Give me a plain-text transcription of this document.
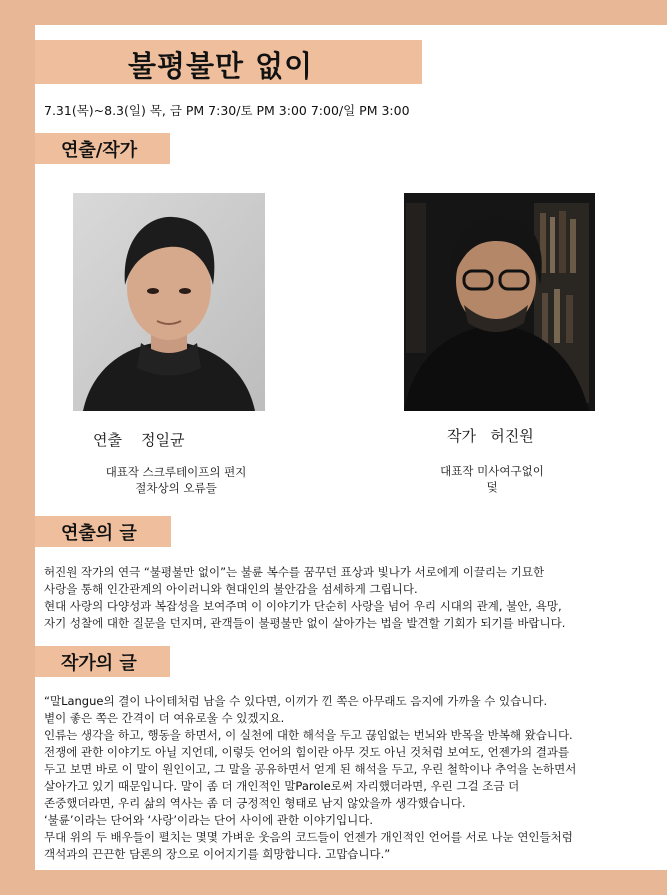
불평불만 없이

7.31(목)~8.3(일) 목, 금 PM 7:30/토 PM 3:00 7:00/일 PM 3:00

연출/작가

연출    정일균	작가   허진원

대표작 스크루테이프의 편지
절차상의 오류들
대표작 미사여구없이
덫
연출의 글
허진원 작가의 연극 “불평불만 없이”는 불륜 복수를 꿈꾸던 표상과 빛나가 서로에게 이끌리는 기묘한
사랑을 통해 인간관계의 아이러니와 현대인의 불안감을 섬세하게 그립니다.
현대 사랑의 다양성과 복잡성을 보여주며 이 이야기가 단순히 사랑을 넘어 우리 시대의 관계, 불안, 욕망,
자기 성찰에 대한 질문을 던지며, 관객들이 불평불만 없이 살아가는 법을 발견할 기회가 되기를 바랍니다.
작가의 글
“말Langue의 결이 나이테처럼 남을 수 있다면, 이끼가 낀 쪽은 아무래도 음지에 가까울 수 있습니다.
볕이 좋은 쪽은 간격이 더 여유로울 수 있겠지요.
인류는 생각을 하고, 행동을 하면서, 이 실천에 대한 해석을 두고 끊임없는 번뇌와 반목을 반복해 왔습니다.
전쟁에 관한 이야기도 아닐 지언데, 이렇듯 언어의 힘이란 아무 것도 아닌 것처럼 보여도, 언젠가의 결과를
두고 보면 바로 이 말이 원인이고, 그 말을 공유하면서 얻게 된 해석을 두고, 우린 철학이나 추억을 논하면서
살아가고 있기 때문입니다. 말이 좀 더 개인적인 말Parole로써 자리했더라면, 우린 그걸 조금 더
존중했더라면, 우리 삶의 역사는 좀 더 긍정적인 형태로 남지 않았을까 생각했습니다.
‘불륜’이라는 단어와 ‘사랑’이라는 단어 사이에 관한 이야기입니다.
무대 위의 두 배우들이 펼치는 몇몇 가벼운 웃음의 코드들이 언젠가 개인적인 언어를 서로 나눈 연인들처럼
객석과의 끈끈한 담론의 장으로 이어지기를 희망합니다. 고맙습니다.”
